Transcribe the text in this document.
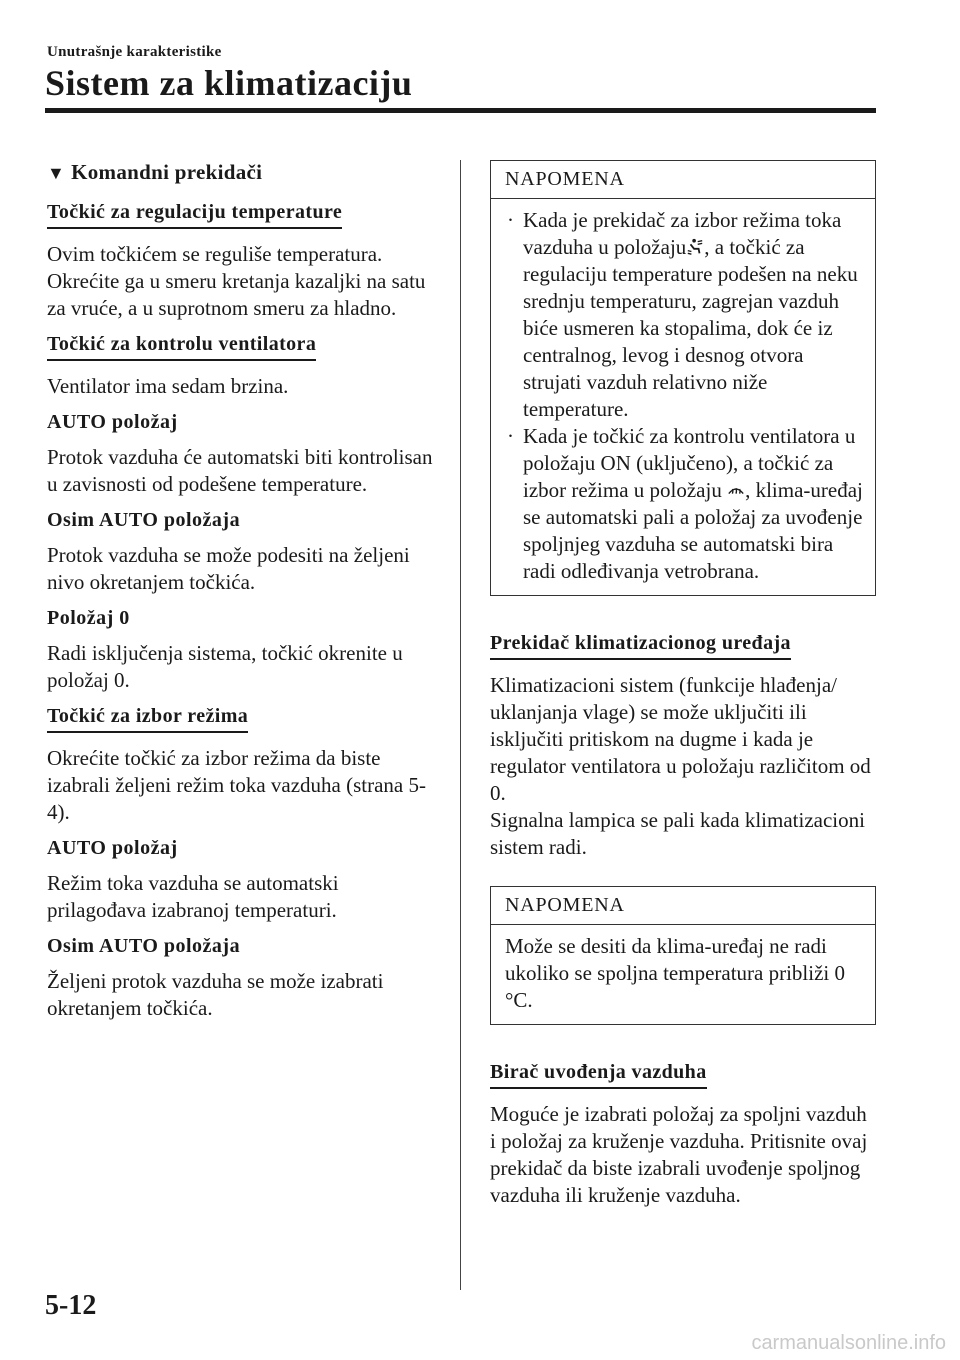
Unutrašnje karakteristike
Sistem za klimatizaciju
▼ Komandni prekidači
Točkić za regulaciju temperature

Ovim točkićem se reguliše temperatura. Okrećite ga u smeru kretanja kazaljki na satu za vruće, a u suprotnom smeru za hladno.

Točkić za kontrolu ventilatora

Ventilator ima sedam brzina.

AUTO položaj

Protok vazduha će automatski biti kontrolisan u zavisnosti od podešene temperature.

Osim AUTO položaja

Protok vazduha se može podesiti na željeni nivo okretanjem točkića.

Položaj 0

Radi isključenja sistema, točkić okrenite u položaj 0.

Točkić za izbor režima

Okrećite točkić za izbor režima da biste izabrali željeni režim toka vazduha (strana 5-4).

AUTO položaj

Režim toka vazduha se automatski prilagođava izabranoj temperaturi.

Osim AUTO položaja

Željeni protok vazduha se može izabrati okretanjem točkića.

NAPOMENA
· Kada je prekidač za izbor režima toka vazduha u položaju , a točkić za regulaciju temperature podešen na neku srednju temperaturu, zagrejan vazduh biće usmeren ka stopalima, dok će iz centralnog, levog i desnog otvora strujati vazduh relativno niže temperature.
· Kada je točkić za kontrolu ventilatora u položaju ON (uključeno), a točkić za izbor režima u položaju , klima-uređaj se automatski pali a položaj za uvođenje spoljnjeg vazduha se automatski bira radi odleđivanja vetrobrana.
Prekidač klimatizacionog uređaja

Klimatizacioni sistem (funkcije hlađenja/ uklanjanja vlage) se može uključiti ili isključiti pritiskom na dugme i kada je regulator ventilatora u položaju različitom od 0.

Signalna lampica se pali kada klimatizacioni sistem radi.

NAPOMENA

Može se desiti da klima-uređaj ne radi ukoliko se spoljna temperatura približi 0 °C.

Birač uvođenja vazduha

Moguće je izabrati položaj za spoljni vazduh i položaj za kruženje vazduha. Pritisnite ovaj prekidač da biste izabrali uvođenje spoljnog vazduha ili kruženje vazduha.

5-12
carmanualsonline.info
